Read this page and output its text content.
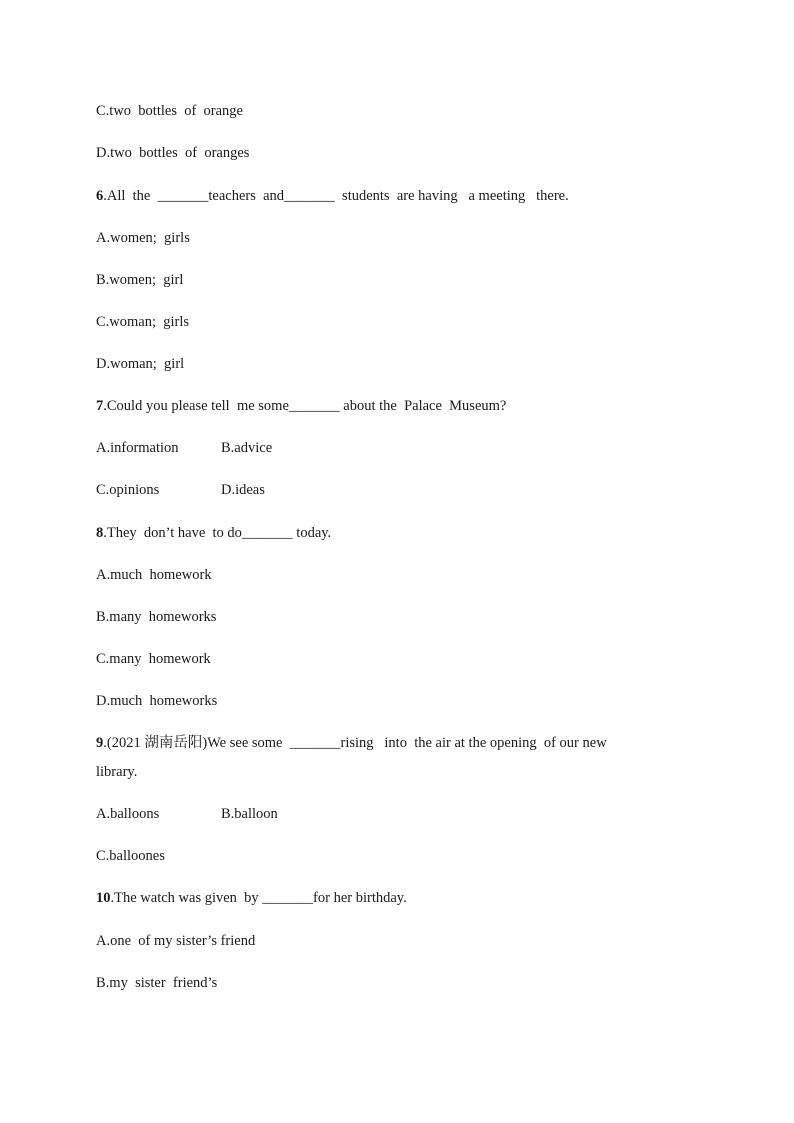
C.two  bottles  of  orange

D.two  bottles  of  oranges

6.All  the  _______teachers  and_______  students  are having   a meeting   there.

A.women;  girls

B.women;  girl

C.woman;  girls

D.woman;  girl

7.Could you please tell  me some_______ about the  Palace  Museum?

A.information	B.advice

C.opinions	D.ideas

8.They  don’t have  to do_______ today.

A.much  homework

B.many  homeworks

C.many  homework

D.much  homeworks

9.(2021 湖南岳阳)We see some  _______rising   into  the air at the opening  of our new

library.

A.balloons	B.balloon

C.balloones

10.The watch was given  by _______for her birthday.

A.one  of my sister’s friend

B.my  sister  friend’s
